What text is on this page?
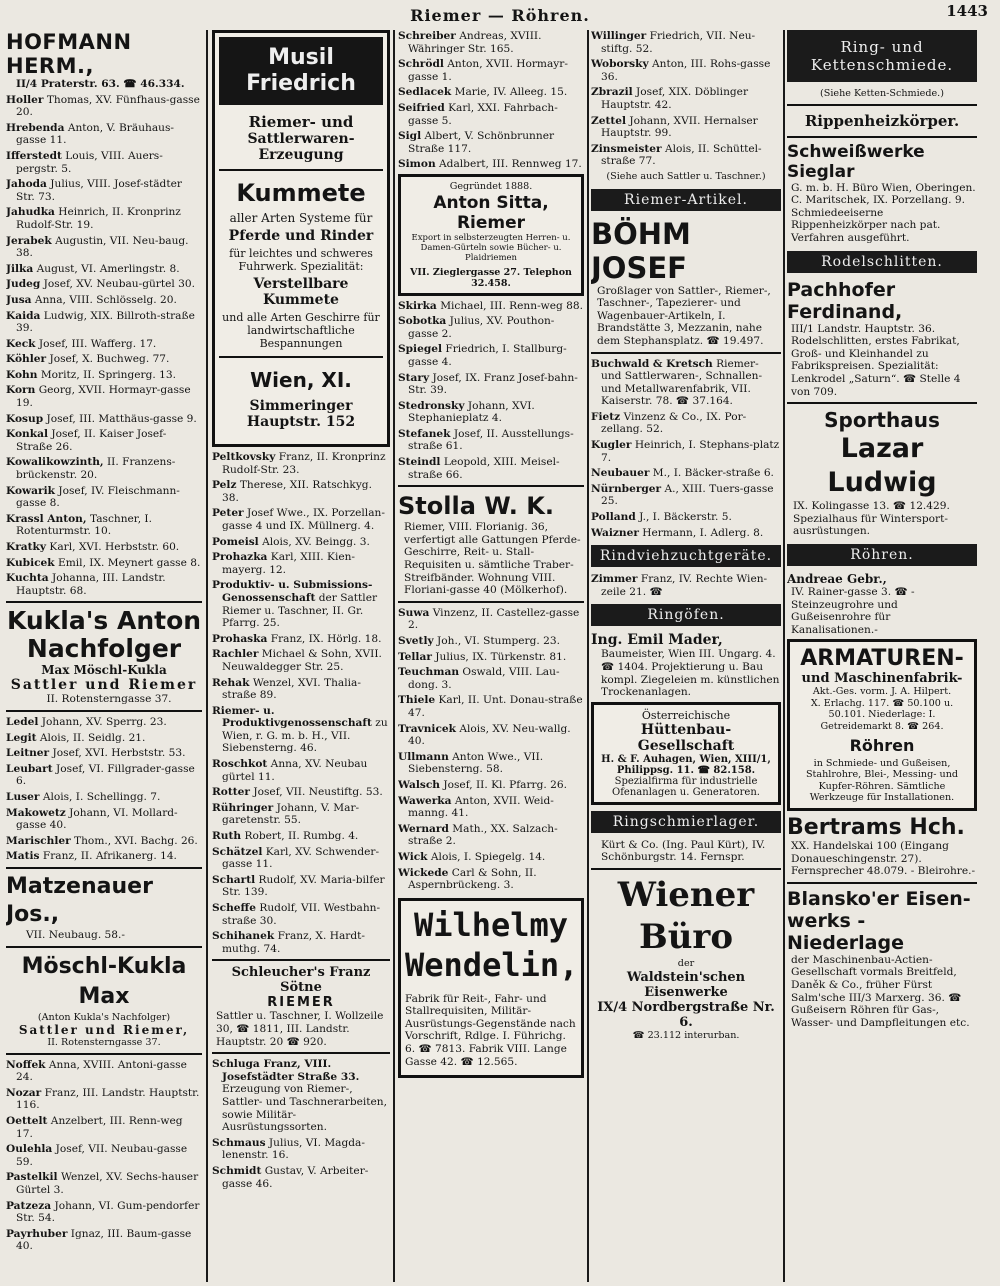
Riemer — Röhren.	1443
HOFMANN HERM.,
II/4 Praterstr. 63. ☎ 46.334.
Holler Thomas, XV. Fünfhaus-gasse 20.
Hrebenda Anton, V. Bräuhaus-gasse 11.
Ifferstedt Louis, VIII. Auers-pergstr. 5.
Jahoda Julius, VIII. Josef-städter Str. 73.
Jahudka Heinrich, II. Kronprinz Rudolf-Str. 19.
Jerabek Augustin, VII. Neu-baug. 38.
Jilka August, VI. Amerlingstr. 8.
Judeg Josef, XV. Neubau-gürtel 30.
Jusa Anna, VIII. Schlösselg. 20.
Kaida Ludwig, XIX. Billroth-straße 39.
Keck Josef, III. Wafferg. 17.
Köhler Josef, X. Buchweg. 77.
Kohn Moritz, II. Springerg. 13.
Korn Georg, XVII. Hormayr-gasse 19.
Kosup Josef, III. Matthäus-gasse 9.
Konkal Josef, II. Kaiser Josef-Straße 26.
Kowalikowzinth, II. Franzens-brückenstr. 20.
Kowarik Josef, IV. Fleischmann-gasse 8.
Krassl Anton, Taschner, I. Rotenturmstr. 10.
Kratky Karl, XVI. Herbststr. 60.
Kubicek Emil, IX. Meynert gasse 8.
Kuchta Johanna, III. Landstr. Hauptstr. 68.
Kukla's Anton Nachfolger
Max Möschl-Kukla
Sattler und Riemer
II. Rotensterngasse 37.
Ledel Johann, XV. Sperrg. 23.
Legit Alois, II. Seidlg. 21.
Leitner Josef, XVI. Herbststr. 53.
Leubart Josef, VI. Fillgrader-gasse 6.
Luser Alois, I. Schellingg. 7.
Makowetz Johann, VI. Mollard-gasse 40.
Marischler Thom., XVI. Bachg. 26.
Matis Franz, II. Afrikanerg. 14.
Matzenauer Jos.,
VII. Neubaug. 58.-
Möschl-Kukla Max
(Anton Kukla's Nachfolger)
Sattler und Riemer,
II. Rotensterngasse 37.
Noffek Anna, XVIII. Antoni-gasse 24.
Nozar Franz, III. Landstr. Hauptstr. 116.
Oettelt Anzelbert, III. Renn-weg 17.
Oulehla Josef, VII. Neubau-gasse 59.
Pastelkil Wenzel, XV. Sechs-hauser Gürtel 3.
Patzeza Johann, VI. Gum-pendorfer Str. 54.
Payrhuber Ignaz, III. Baum-gasse 40.
Musil Friedrich
Riemer- und
Sattlerwaren-Erzeugung
Kummete
aller Arten Systeme für
Pferde und Rinder
für leichtes und schweres Fuhrwerk. Spezialität:
Verstellbare Kummete
und alle Arten Geschirre für landwirtschaftliche Bespannungen
Wien, XI.
Simmeringer Hauptstr. 152
Peltkovsky Franz, II. Kronprinz Rudolf-Str. 23.
Pelz Therese, XII. Ratschkyg. 38.
Peter Josef Wwe., IX. Porzellan-gasse 4 und IX. Müllnerg. 4.
Pomeisl Alois, XV. Beingg. 3.
Prohazka Karl, XIII. Kien-mayerg. 12.
Produktiv- u. Submissions-Genossenschaft der Sattler Riemer u. Taschner, II. Gr. Pfarrg. 25.
Prohaska Franz, IX. Hörlg. 18.
Rachler Michael & Sohn, XVII. Neuwaldegger Str. 25.
Rehak Wenzel, XVI. Thalia-straße 89.
Riemer- u. Produktivgenossenschaft zu Wien, r. G. m. b. H., VII. Siebensterng. 46.
Roschkot Anna, XV. Neubau gürtel 11.
Rotter Josef, VII. Neustiftg. 53.
Rühringer Johann, V. Mar-garetenstr. 55.
Ruth Robert, II. Rumbg. 4.
Schätzel Karl, XV. Schwender-gasse 11.
Schartl Rudolf, XV. Maria-bilfer Str. 139.
Scheffe Rudolf, VII. Westbahn-straße 30.
Schihanek Franz, X. Hardt-muthg. 74.
Schleucher's Franz Sötne
RIEMER
Sattler u. Taschner, I. Wollzeile 30, ☎ 1811, III. Landstr. Hauptstr. 20 ☎ 920.
Schluga Franz, VIII. Josefstädter Straße 33. Erzeugung von Riemer-, Sattler- und Taschnerarbeiten, sowie Militär-Ausrüstungssorten.
Schmaus Julius, VI. Magda-lenenstr. 16.
Schmidt Gustav, V. Arbeiter-gasse 46.
Schreiber Andreas, XVIII. Währinger Str. 165.
Schrödl Anton, XVII. Hormayr-gasse 1.
Sedlacek Marie, IV. Alleeg. 15.
Seifried Karl, XXI. Fahrbach-gasse 5.
Sigl Albert, V. Schönbrunner Straße 117.
Simon Adalbert, III. Rennweg 17.
Gegründet 1888.
Anton Sitta, Riemer
Export in selbsterzeugten Herren- u. Damen-Gürteln sowie Bücher- u. Plaidriemen
VII. Zieglergasse 27. Telephon 32.458.
Skirka Michael, III. Renn-weg 88.
Sobotka Julius, XV. Pouthon-gasse 2.
Spiegel Friedrich, I. Stallburg-gasse 4.
Stary Josef, IX. Franz Josef-bahn-Str. 39.
Stedronsky Johann, XVI. Stephanieplatz 4.
Stefanek Josef, II. Ausstellungs-straße 61.
Steindl Leopold, XIII. Meisel-straße 66.
Stolla W. K.
Riemer, VIII. Florianig. 36, verfertigt alle Gattungen Pferde-Geschirre, Reit- u. Stall-Requisiten u. sämtliche Traber-Streifbänder. Wohnung VIII. Floriani-gasse 40 (Mölkerhof).
Suwa Vinzenz, II. Castellez-gasse 2.
Svetly Joh., VI. Stumperg. 23.
Tellar Julius, IX. Türkenstr. 81.
Teuchman Oswald, VIII. Lau-dong. 3.
Thiele Karl, II. Unt. Donau-straße 47.
Travnicek Alois, XV. Neu-wallg. 40.
Ullmann Anton Wwe., VII. Siebensterng. 58.
Walsch Josef, II. Kl. Pfarrg. 26.
Wawerka Anton, XVII. Weid-manng. 41.
Wernard Math., XX. Salzach-straße 2.
Wick Alois, I. Spiegelg. 14.
Wickede Carl & Sohn, II. Aspernbrückeng. 3.
Wilhelmy
Wendelin,
Fabrik für Reit-, Fahr- und Stallrequisiten, Militär-Ausrüstungs-Gegenstände nach Vorschrift, Rdlge. I. Führichg. 6. ☎ 7813. Fabrik VIII. Lange Gasse 42. ☎ 12.565.
Willinger Friedrich, VII. Neu-stiftg. 52.
Woborsky Anton, III. Rohs-gasse 36.
Zbrazil Josef, XIX. Döblinger Hauptstr. 42.
Zettel Johann, XVII. Hernalser Hauptstr. 99.
Zinsmeister Alois, II. Schüttel-straße 77.
(Siehe auch Sattler u. Taschner.)
Riemer-Artikel.
BÖHM JOSEF
Großlager von Sattler-, Riemer-, Taschner-, Tapezierer- und Wagenbauer-Artikeln, I. Brandstätte 3, Mezzanin, nahe dem Stephansplatz. ☎ 19.497.
Buchwald & Kretsch Riemer- und Sattlerwaren-, Schnallen- und Metallwarenfabrik, VII. Kaiserstr. 78. ☎ 37.164.
Fietz Vinzenz & Co., IX. Por-zellang. 52.
Kugler Heinrich, I. Stephans-platz 7.
Neubauer M., I. Bäcker-straße 6.
Nürnberger A., XIII. Tuers-gasse 25.
Polland J., I. Bäckerstr. 5.
Waizner Hermann, I. Adlerg. 8.
Rindviehzuchtgeräte.
Zimmer Franz, IV. Rechte Wien-zeile 21. ☎
Ringöfen.
Ing. Emil Mader,
Baumeister, Wien III. Ungarg. 4. ☎ 1404. Projektierung u. Bau kompl. Ziegeleien m. künstlichen Trockenanlagen.
Österreichische
Hüttenbau-Gesellschaft
H. & F. Auhagen, Wien, XIII/1, Philippsg. 11. ☎ 82.158.
Spezialfirma für industrielle Ofenanlagen u. Generatoren.
Ringschmierlager.
Kürt & Co. (Ing. Paul Kürt), IV. Schönburgstr. 14. Fernspr.
Wiener Büro
der
Waldstein'schen Eisenwerke
IX/4 Nordbergstraße Nr. 6.
☎ 23.112 interurban.
Ring- und Kettenschmiede.
(Siehe Ketten-Schmiede.)
Rippenheizkörper.
Schweißwerke Sieglar
G. m. b. H. Büro Wien, Oberingen. C. Maritschek, IX. Porzellang. 9. Schmiedeeiserne Rippenheizkörper nach pat. Verfahren ausgeführt.
Rodelschlitten.
Pachhofer Ferdinand,
III/1 Landstr. Hauptstr. 36. Rodelschlitten, erstes Fabrikat, Groß- und Kleinhandel zu Fabrikspreisen. Spezialität: Lenkrodel „Saturn“. ☎ Stelle 4 von 709.
Sporthaus
Lazar Ludwig
IX. Kolingasse 13. ☎ 12.429. Spezialhaus für Wintersport-ausrüstungen.
Röhren.
Andreae Gebr.,
IV. Rainer-gasse 3. ☎ - Steinzeugrohre und Gußeisenrohre für Kanalisationen.-
ARMATUREN-
und Maschinenfabrik-
Akt.-Ges. vorm. J. A. Hilpert.
X. Erlachg. 117. ☎ 50.100 u. 50.101. Niederlage: I. Getreidemarkt 8. ☎ 264.
Röhren
in Schmiede- und Gußeisen, Stahlrohre, Blei-, Messing- und Kupfer-Röhren. Sämtliche Werkzeuge für Installationen.
Bertrams Hch.
XX. Handelskai 100 (Eingang Donaueschingenstr. 27). Fernsprecher 48.079. - Bleirohre.-
Blansko'er Eisen-
werks - Niederlage
der Maschinenbau-Actien-Gesellschaft vormals Breitfeld, Daněk & Co., früher Fürst Salm'sche III/3 Marxerg. 36. ☎ Gußeisern Röhren für Gas-, Wasser- und Dampfleitungen etc.
